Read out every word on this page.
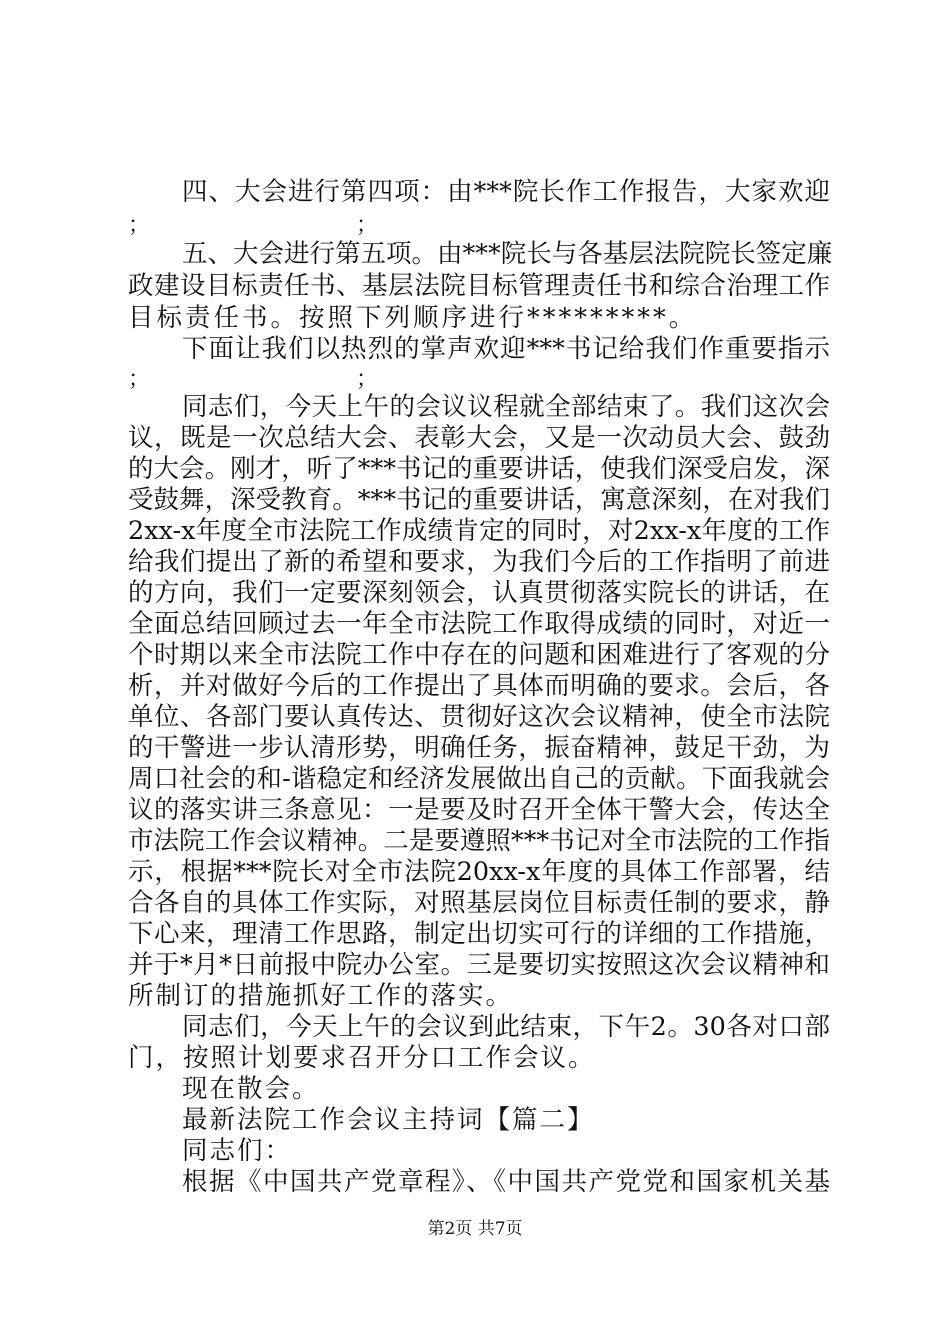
四、大会进行第四项：由***院长作工作报告，大家欢迎
；	；
五、大会进行第五项。由***院长与各基层法院院长签定廉
政建设目标责任书、基层法院目标管理责任书和综合治理工作
目标责任书。按照下列顺序进行*********。
下面让我们以热烈的掌声欢迎***书记给我们作重要指示
；	；
同志们，今天上午的会议议程就全部结束了。我们这次会
议，既是一次总结大会、表彰大会，又是一次动员大会、鼓劲
的大会。刚才，听了***书记的重要讲话，使我们深受启发，深
受鼓舞，深受教育。***书记的重要讲话，寓意深刻，在对我们
2xx-x年度全市法院工作成绩肯定的同时，对2xx-x年度的工作
给我们提出了新的希望和要求，为我们今后的工作指明了前进
的方向，我们一定要深刻领会，认真贯彻落实院长的讲话，在
全面总结回顾过去一年全市法院工作取得成绩的同时，对近一
个时期以来全市法院工作中存在的问题和困难进行了客观的分
析，并对做好今后的工作提出了具体而明确的要求。会后，各
单位、各部门要认真传达、贯彻好这次会议精神，使全市法院
的干警进一步认清形势，明确任务，振奋精神，鼓足干劲，为
周口社会的和-谐稳定和经济发展做出自己的贡献。下面我就会
议的落实讲三条意见：一是要及时召开全体干警大会，传达全
市法院工作会议精神。二是要遵照***书记对全市法院的工作指
示，根据***院长对全市法院20xx-x年度的具体工作部署，结
合各自的具体工作实际，对照基层岗位目标责任制的要求，静
下心来，理清工作思路，制定出切实可行的详细的工作措施，
并于*月*日前报中院办公室。三是要切实按照这次会议精神和
所制订的措施抓好工作的落实。
同志们，今天上午的会议到此结束，下午2。30各对口部
门，按照计划要求召开分口工作会议。
现在散会。
最新法院工作会议主持词【篇二】
同志们：
根据《中国共产党章程》、《中国共产党党和国家机关基
第2页 共7页
